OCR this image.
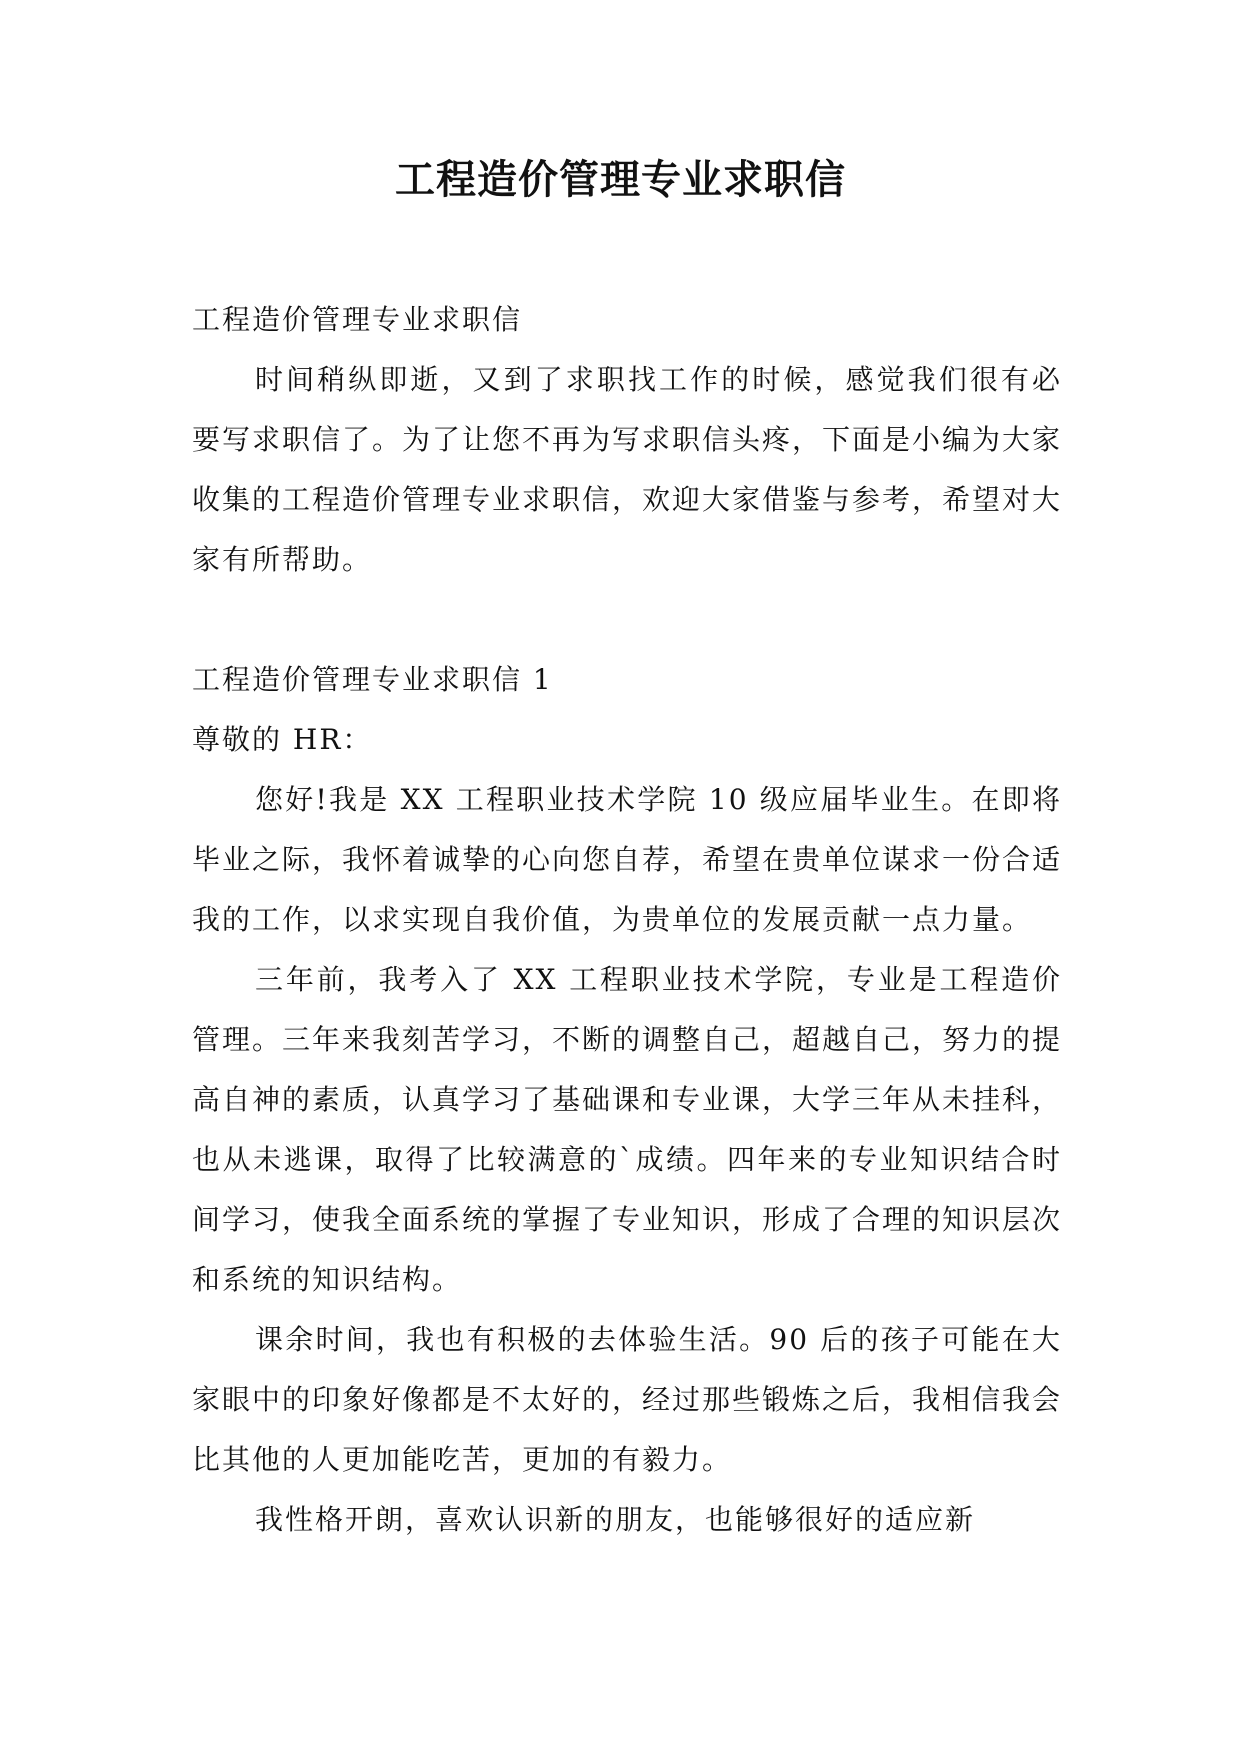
工程造价管理专业求职信

工程造价管理专业求职信

时间稍纵即逝，又到了求职找工作的时候，感觉我们很有必要写求职信了。为了让您不再为写求职信头疼，下面是小编为大家收集的工程造价管理专业求职信，欢迎大家借鉴与参考，希望对大家有所帮助。

工程造价管理专业求职信 1

尊敬的 HR：

您好!我是 XX 工程职业技术学院 10 级应届毕业生。在即将毕业之际，我怀着诚挚的心向您自荐，希望在贵单位谋求一份合适我的工作，以求实现自我价值，为贵单位的发展贡献一点力量。

三年前，我考入了 XX 工程职业技术学院，专业是工程造价管理。三年来我刻苦学习，不断的调整自己，超越自己，努力的提高自神的素质，认真学习了基础课和专业课，大学三年从未挂科，也从未逃课，取得了比较满意的`成绩。四年来的专业知识结合时间学习，使我全面系统的掌握了专业知识，形成了合理的知识层次和系统的知识结构。

课余时间，我也有积极的去体验生活。90 后的孩子可能在大家眼中的印象好像都是不太好的，经过那些锻炼之后，我相信我会比其他的人更加能吃苦，更加的有毅力。

我性格开朗，喜欢认识新的朋友，也能够很好的适应新
